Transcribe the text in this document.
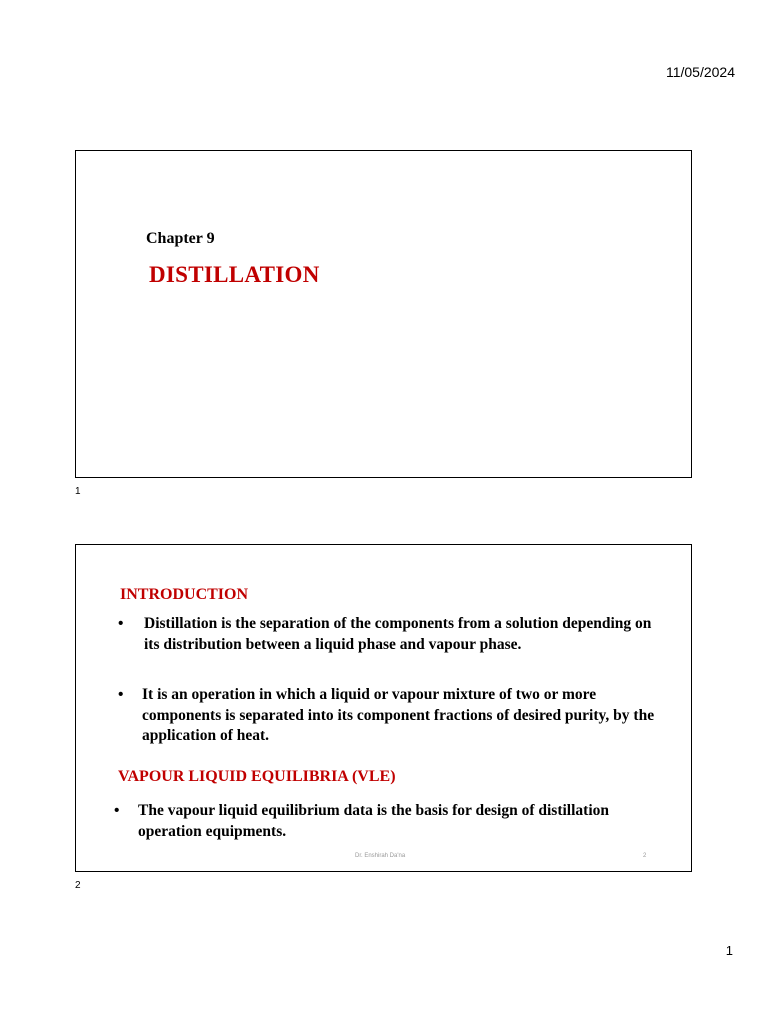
11/05/2024
Chapter 9
DISTILLATION
1
INTRODUCTION
• Distillation is the separation of the components from a solution depending on its distribution between a liquid phase and vapour phase.
• It is an operation in which a liquid or vapour mixture of two or more components is separated into its component fractions of desired purity, by the application of heat.
VAPOUR LIQUID EQUILIBRIA (VLE)
• The vapour liquid equilibrium data is the basis for design of distillation operation equipments.
Dr. Enshirah Da'na	2
2
1
